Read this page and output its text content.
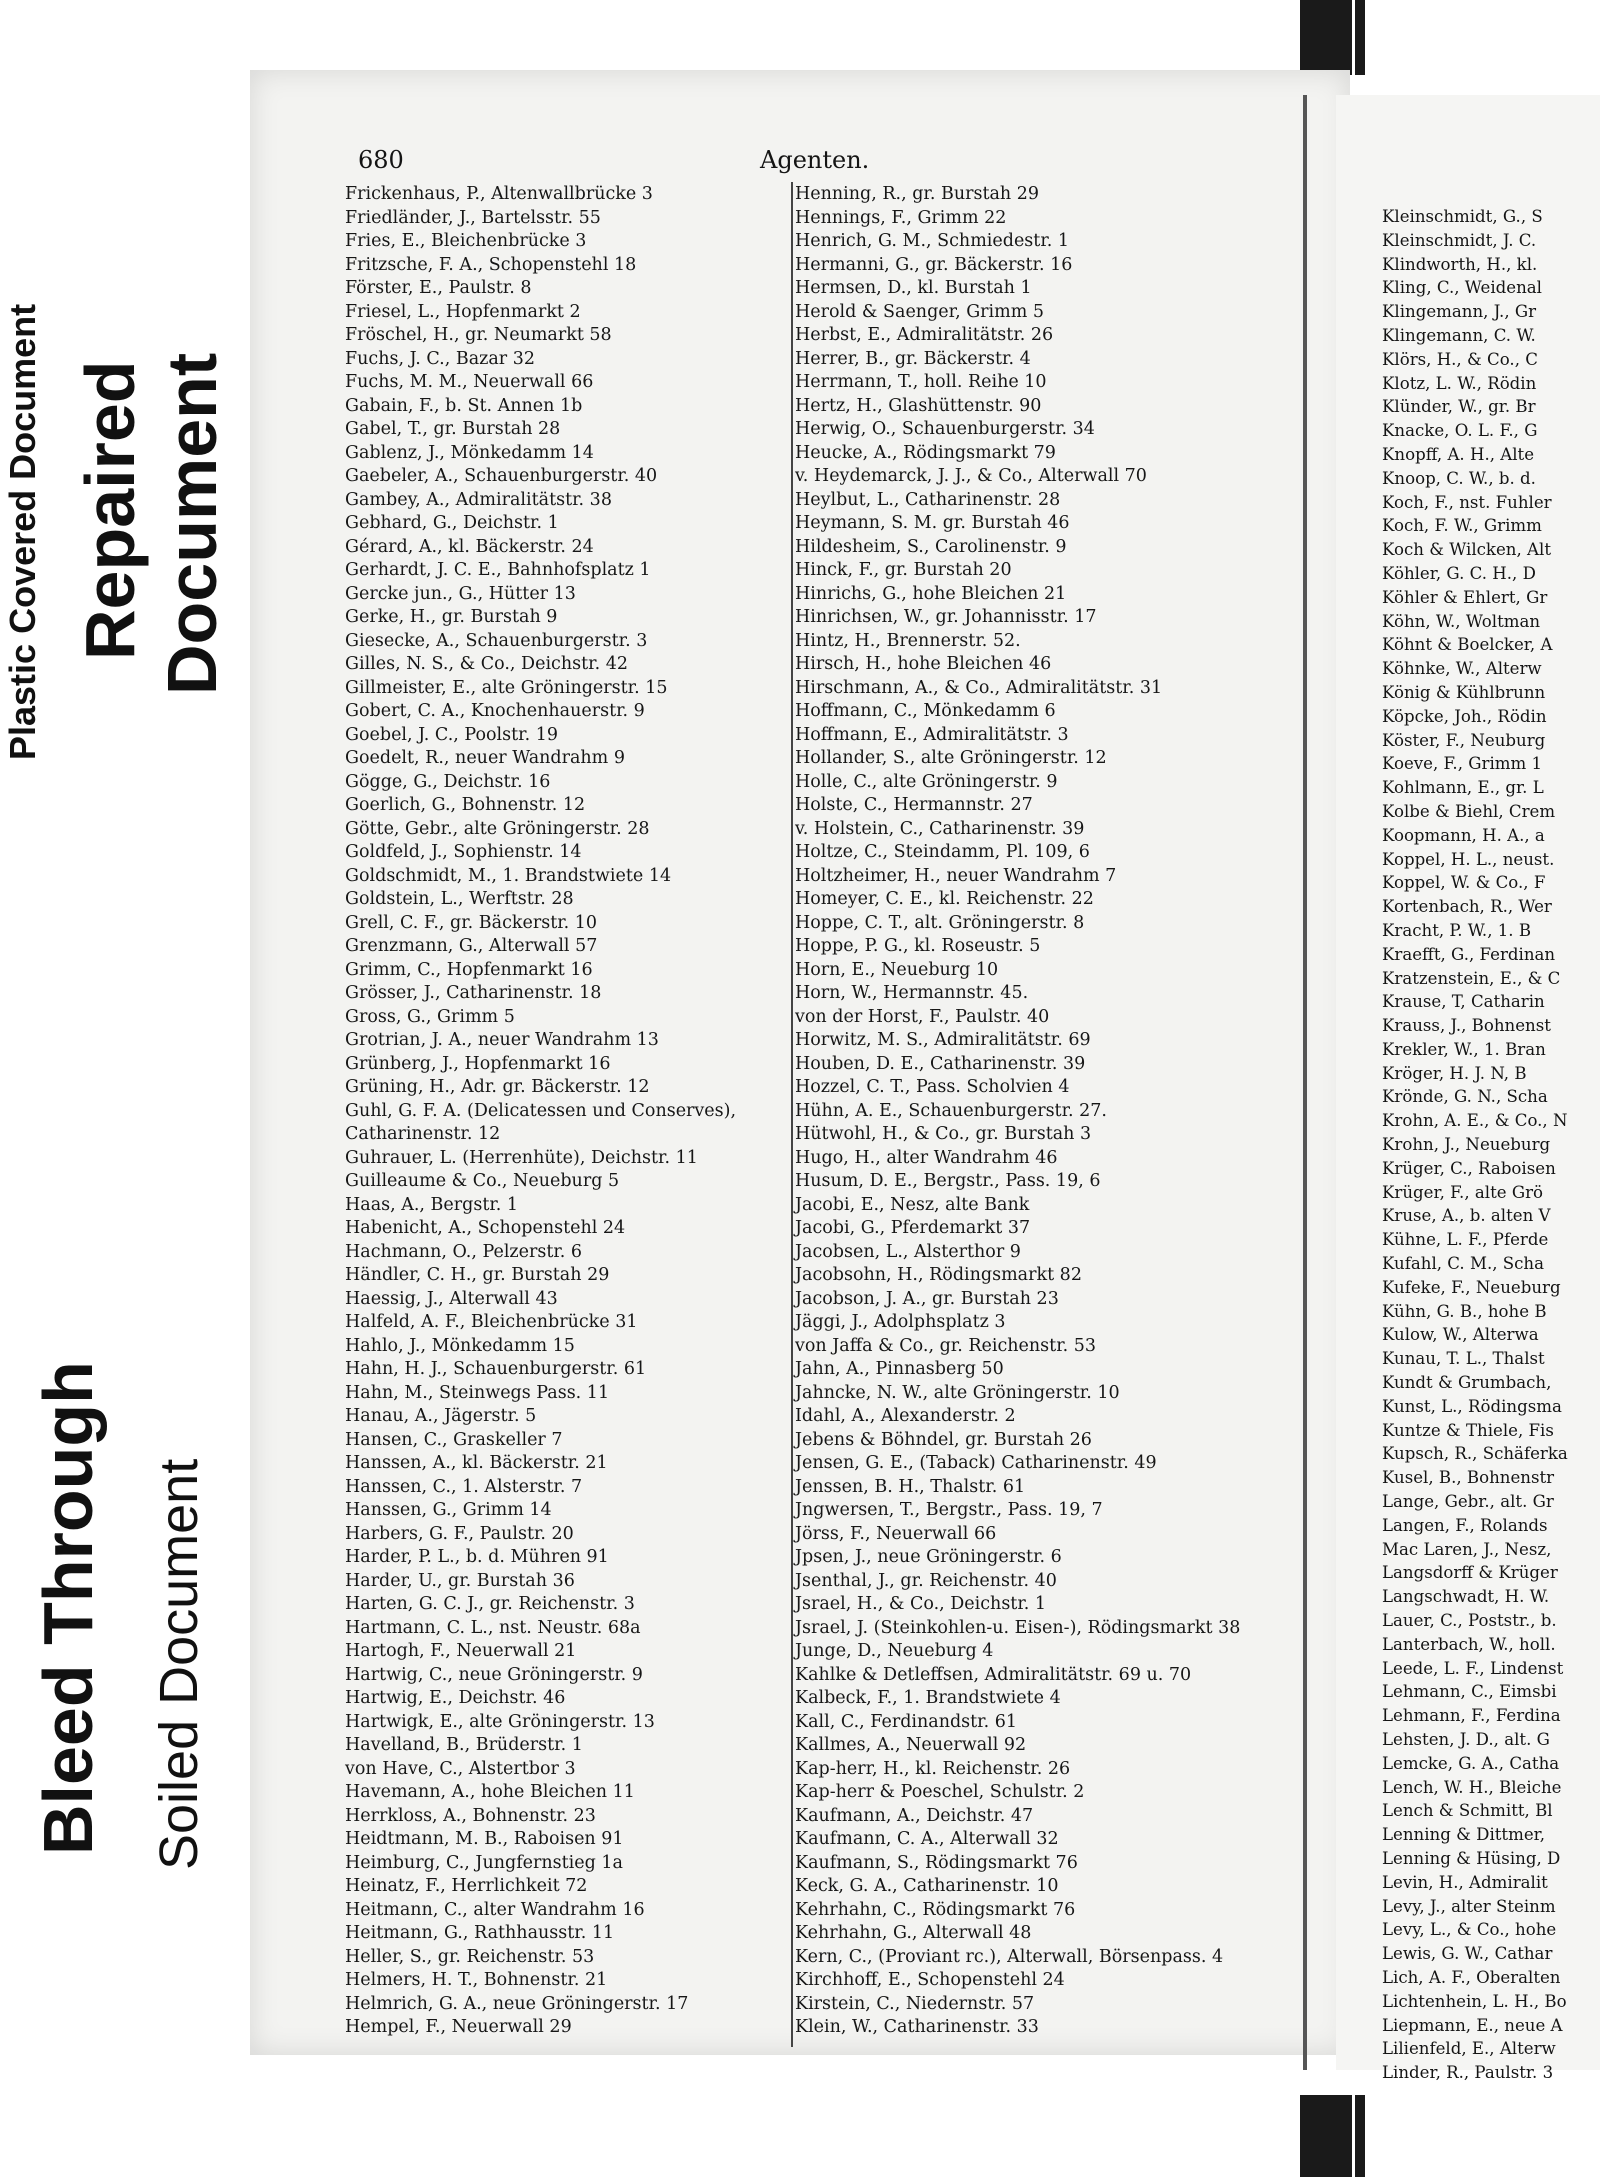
Plastic Covered Document Repaired Document
Bleed Through Soiled Document
680	Agenten.
Frickenhaus, P., Altenwallbrücke 3
Friedländer, J., Bartelsstr. 55
Fries, E., Bleichenbrücke 3
Fritzsche, F. A., Schopenstehl 18
Förster, E., Paulstr. 8
Friesel, L., Hopfenmarkt 2
Fröschel, H., gr. Neumarkt 58
Fuchs, J. C., Bazar 32
Fuchs, M. M., Neuerwall 66
Gabain, F., b. St. Annen 1b
Gabel, T., gr. Burstah 28
Gablenz, J., Mönkedamm 14
Gaebeler, A., Schauenburgerstr. 40
Gambey, A., Admiralitätstr. 38
Gebhard, G., Deichstr. 1
Gérard, A., kl. Bäckerstr. 24
Gerhardt, J. C. E., Bahnhofsplatz 1
Gercke jun., G., Hütter 13
Gerke, H., gr. Burstah 9
Giesecke, A., Schauenburgerstr. 3
Gilles, N. S., & Co., Deichstr. 42
Gillmeister, E., alte Gröningerstr. 15
Gobert, C. A., Knochenhauerstr. 9
Goebel, J. C., Poolstr. 19
Goedelt, R., neuer Wandrahm 9
Gögge, G., Deichstr. 16
Goerlich, G., Bohnenstr. 12
Götte, Gebr., alte Gröningerstr. 28
Goldfeld, J., Sophienstr. 14
Goldschmidt, M., 1. Brandstwiete 14
Goldstein, L., Werftstr. 28
Grell, C. F., gr. Bäckerstr. 10
Grenzmann, G., Alterwall 57
Grimm, C., Hopfenmarkt 16
Grösser, J., Catharinenstr. 18
Gross, G., Grimm 5
Grotrian, J. A., neuer Wandrahm 13
Grünberg, J., Hopfenmarkt 16
Grüning, H., Adr. gr. Bäckerstr. 12
Guhl, G. F. A. (Delicatessen und Conserves),
Catharinenstr. 12
Guhrauer, L. (Herrenhüte), Deichstr. 11
Guilleaume & Co., Neueburg 5
Haas, A., Bergstr. 1
Habenicht, A., Schopenstehl 24
Hachmann, O., Pelzerstr. 6
Händler, C. H., gr. Burstah 29
Haessig, J., Alterwall 43
Halfeld, A. F., Bleichenbrücke 31
Hahlo, J., Mönkedamm 15
Hahn, H. J., Schauenburgerstr. 61
Hahn, M., Steinwegs Pass. 11
Hanau, A., Jägerstr. 5
Hansen, C., Graskeller 7
Hanssen, A., kl. Bäckerstr. 21
Hanssen, C., 1. Alsterstr. 7
Hanssen, G., Grimm 14
Harbers, G. F., Paulstr. 20
Harder, P. L., b. d. Mühren 91
Harder, U., gr. Burstah 36
Harten, G. C. J., gr. Reichenstr. 3
Hartmann, C. L., nst. Neustr. 68a
Hartogh, F., Neuerwall 21
Hartwig, C., neue Gröningerstr. 9
Hartwig, E., Deichstr. 46
Hartwigk, E., alte Gröningerstr. 13
Havelland, B., Brüderstr. 1
von Have, C., Alstertbor 3
Havemann, A., hohe Bleichen 11
Herrkloss, A., Bohnenstr. 23
Heidtmann, M. B., Raboisen 91
Heimburg, C., Jungfernstieg 1a
Heinatz, F., Herrlichkeit 72
Heitmann, C., alter Wandrahm 16
Heitmann, G., Rathhausstr. 11
Heller, S., gr. Reichenstr. 53
Helmers, H. T., Bohnenstr. 21
Helmrich, G. A., neue Gröningerstr. 17
Hempel, F., Neuerwall 29
Henning, R., gr. Burstah 29
Hennings, F., Grimm 22
Henrich, G. M., Schmiedestr. 1
Hermanni, G., gr. Bäckerstr. 16
Hermsen, D., kl. Burstah 1
Herold & Saenger, Grimm 5
Herbst, E., Admiralitätstr. 26
Herrer, B., gr. Bäckerstr. 4
Herrmann, T., holl. Reihe 10
Hertz, H., Glashüttenstr. 90
Herwig, O., Schauenburgerstr. 34
Heucke, A., Rödingsmarkt 79
v. Heydemarck, J. J., & Co., Alterwall 70
Heylbut, L., Catharinenstr. 28
Heymann, S. M. gr. Burstah 46
Hildesheim, S., Carolinenstr. 9
Hinck, F., gr. Burstah 20
Hinrichs, G., hohe Bleichen 21
Hinrichsen, W., gr. Johannisstr. 17
Hintz, H., Brennerstr. 52.
Hirsch, H., hohe Bleichen 46
Hirschmann, A., & Co., Admiralitätstr. 31
Hoffmann, C., Mönkedamm 6
Hoffmann, E., Admiralitätstr. 3
Hollander, S., alte Gröningerstr. 12
Holle, C., alte Gröningerstr. 9
Holste, C., Hermannstr. 27
v. Holstein, C., Catharinenstr. 39
Holtze, C., Steindamm, Pl. 109, 6
Holtzheimer, H., neuer Wandrahm 7
Homeyer, C. E., kl. Reichenstr. 22
Hoppe, C. T., alt. Gröningerstr. 8
Hoppe, P. G., kl. Roseustr. 5
Horn, E., Neueburg 10
Horn, W., Hermannstr. 45.
von der Horst, F., Paulstr. 40
Horwitz, M. S., Admiralitätstr. 69
Houben, D. E., Catharinenstr. 39
Hozzel, C. T., Pass. Scholvien 4
Hühn, A. E., Schauenburgerstr. 27.
Hütwohl, H., & Co., gr. Burstah 3
Hugo, H., alter Wandrahm 46
Husum, D. E., Bergstr., Pass. 19, 6
Jacobi, E., Nesz, alte Bank
Jacobi, G., Pferdemarkt 37
Jacobsen, L., Alsterthor 9
Jacobsohn, H., Rödingsmarkt 82
Jacobson, J. A., gr. Burstah 23
Jäggi, J., Adolphsplatz 3
von Jaffa & Co., gr. Reichenstr. 53
Jahn, A., Pinnasberg 50
Jahncke, N. W., alte Gröningerstr. 10
Idahl, A., Alexanderstr. 2
Jebens & Böhndel, gr. Burstah 26
Jensen, G. E., (Taback) Catharinenstr. 49
Jenssen, B. H., Thalstr. 61
Jngwersen, T., Bergstr., Pass. 19, 7
Jörss, F., Neuerwall 66
Jpsen, J., neue Gröningerstr. 6
Jsenthal, J., gr. Reichenstr. 40
Jsrael, H., & Co., Deichstr. 1
Jsrael, J. (Steinkohlen-u. Eisen-), Rödingsmarkt 38
Junge, D., Neueburg 4
Kahlke & Detleffsen, Admiralitätstr. 69 u. 70
Kalbeck, F., 1. Brandstwiete 4
Kall, C., Ferdinandstr. 61
Kallmes, A., Neuerwall 92
Kap-herr, H., kl. Reichenstr. 26
Kap-herr & Poeschel, Schulstr. 2
Kaufmann, A., Deichstr. 47
Kaufmann, C. A., Alterwall 32
Kaufmann, S., Rödingsmarkt 76
Keck, G. A., Catharinenstr. 10
Kehrhahn, C., Rödingsmarkt 76
Kehrhahn, G., Alterwall 48
Kern, C., (Proviant rc.), Alterwall, Börsenpass. 4
Kirchhoff, E., Schopenstehl 24
Kirstein, C., Niedernstr. 57
Klein, W., Catharinenstr. 33
Kleinschmidt, G., S
Kleinschmidt, J. C.
Klindworth, H., kl.
Kling, C., Weidenal
Klingemann, J., Gr
Klingemann, C. W.
Klörs, H., & Co., C
Klotz, L. W., Rödin
Klünder, W., gr. Br
Knacke, O. L. F., G
Knopff, A. H., Alte
Knoop, C. W., b. d.
Koch, F., nst. Fuhler
Koch, F. W., Grimm
Koch & Wilcken, Alt
Köhler, G. C. H., D
Köhler & Ehlert, Gr
Köhn, W., Woltman
Köhnt & Boelcker, A
Köhnke, W., Alterw
König & Kühlbrunn
Köpcke, Joh., Rödin
Köster, F., Neuburg
Koeve, F., Grimm 1
Kohlmann, E., gr. L
Kolbe & Biehl, Crem
Koopmann, H. A., a
Koppel, H. L., neust.
Koppel, W. & Co., F
Kortenbach, R., Wer
Kracht, P. W., 1. B
Kraefft, G., Ferdinan
Kratzenstein, E., & C
Krause, T, Catharin
Krauss, J., Bohnenst
Krekler, W., 1. Bran
Kröger, H. J. N, B
Krönde, G. N., Scha
Krohn, A. E., & Co., N
Krohn, J., Neueburg
Krüger, C., Raboisen
Krüger, F., alte Grö
Kruse, A., b. alten V
Kühne, L. F., Pferde
Kufahl, C. M., Scha
Kufeke, F., Neueburg
Kühn, G. B., hohe B
Kulow, W., Alterwa
Kunau, T. L., Thalst
Kundt & Grumbach,
Kunst, L., Rödingsma
Kuntze & Thiele, Fis
Kupsch, R., Schäferka
Kusel, B., Bohnenstr
Lange, Gebr., alt. Gr
Langen, F., Rolands
Mac Laren, J., Nesz,
Langsdorff & Krüger
Langschwadt, H. W.
Lauer, C., Poststr., b.
Lanterbach, W., holl.
Leede, L. F., Lindenst
Lehmann, C., Eimsbi
Lehmann, F., Ferdina
Lehsten, J. D., alt. G
Lemcke, G. A., Catha
Lench, W. H., Bleiche
Lench & Schmitt, Bl
Lenning & Dittmer,
Lenning & Hüsing, D
Levin, H., Admiralit
Levy, J., alter Steinm
Levy, L., & Co., hohe
Lewis, G. W., Cathar
Lich, A. F., Oberalten
Lichtenhein, L. H., Bo
Liepmann, E., neue A
Lilienfeld, E., Alterw
Linder, R., Paulstr. 3
